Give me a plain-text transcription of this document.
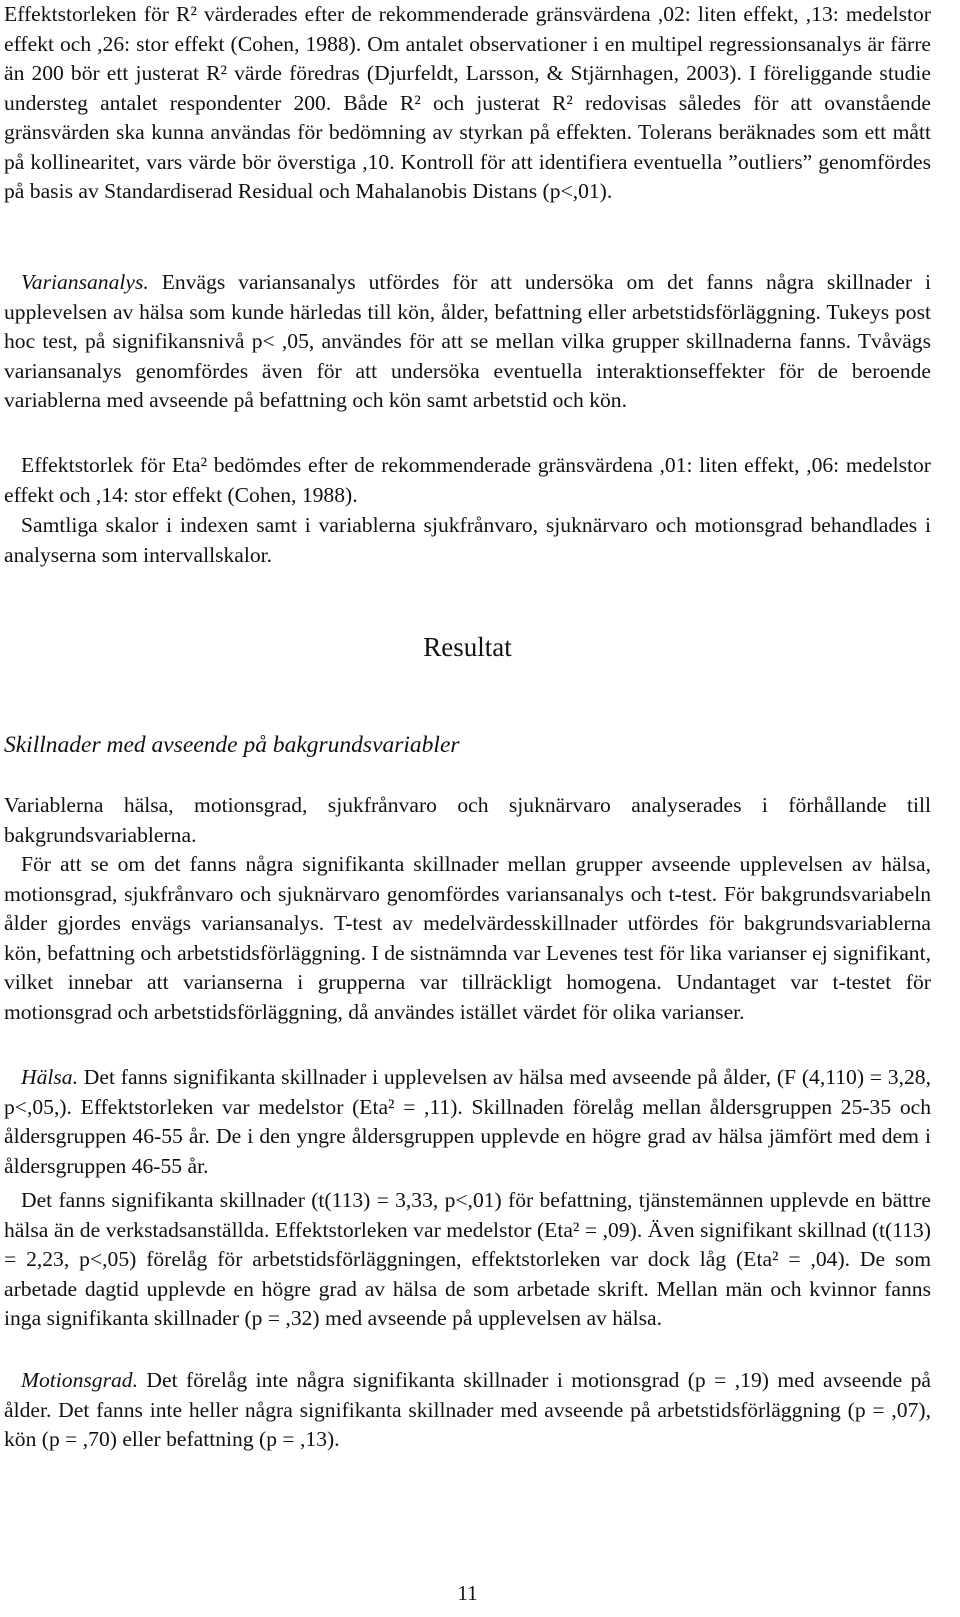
Effektstorleken för R² värderades efter de rekommenderade gränsvärdena ,02: liten effekt, ,13: medelstor effekt och ,26: stor effekt (Cohen, 1988). Om antalet observationer i en multipel regressionsanalys är färre än 200 bör ett justerat R² värde föredras (Djurfeldt, Larsson, & Stjärnhagen, 2003). I föreliggande studie understeg antalet respondenter 200. Både R² och justerat R² redovisas således för att ovanstående gränsvärden ska kunna användas för bedömning av styrkan på effekten. Tolerans beräknades som ett mått på kollinearitet, vars värde bör överstiga ,10. Kontroll för att identifiera eventuella ”outliers” genomfördes på basis av Standardiserad Residual och Mahalanobis Distans (p<,01).

Variansanalys. Envägs variansanalys utfördes för att undersöka om det fanns några skillnader i upplevelsen av hälsa som kunde härledas till kön, ålder, befattning eller arbetstidsförläggning. Tukeys post hoc test, på signifikansnivå p< ,05, användes för att se mellan vilka grupper skillnaderna fanns. Tvåvägs variansanalys genomfördes även för att undersöka eventuella interaktionseffekter för de beroende variablerna med avseende på befattning och kön samt arbetstid och kön.

Effektstorlek för Eta² bedömdes efter de rekommenderade gränsvärdena ,01: liten effekt, ,06: medelstor effekt och ,14: stor effekt (Cohen, 1988).

Samtliga skalor i indexen samt i variablerna sjukfrånvaro, sjuknärvaro och motionsgrad behandlades i analyserna som intervallskalor.

Resultat
Skillnader med avseende på bakgrundsvariabler

Variablerna hälsa, motionsgrad, sjukfrånvaro och sjuknärvaro analyserades i förhållande till bakgrundsvariablerna.

För att se om det fanns några signifikanta skillnader mellan grupper avseende upplevelsen av hälsa, motionsgrad, sjukfrånvaro och sjuknärvaro genomfördes variansanalys och t-test. För bakgrundsvariabeln ålder gjordes envägs variansanalys. T-test av medelvärdesskillnader utfördes för bakgrundsvariablerna kön, befattning och arbetstidsförläggning. I de sistnämnda var Levenes test för lika varianser ej signifikant, vilket innebar att varianserna i grupperna var tillräckligt homogena. Undantaget var t-testet för motionsgrad och arbetstidsförläggning, då användes istället värdet för olika varianser.

Hälsa. Det fanns signifikanta skillnader i upplevelsen av hälsa med avseende på ålder, (F (4,110) = 3,28, p<,05,). Effektstorleken var medelstor (Eta² = ,11). Skillnaden förelåg mellan åldersgruppen 25-35 och åldersgruppen 46-55 år. De i den yngre åldersgruppen upplevde en högre grad av hälsa jämfört med dem i åldersgruppen 46-55 år.

Det fanns signifikanta skillnader (t(113) = 3,33, p<,01) för befattning, tjänstemännen upplevde en bättre hälsa än de verkstadsanställda. Effektstorleken var medelstor (Eta² = ,09). Även signifikant skillnad (t(113) = 2,23, p<,05) förelåg för arbetstidsförläggningen, effektstorleken var dock låg (Eta² = ,04). De som arbetade dagtid upplevde en högre grad av hälsa de som arbetade skrift. Mellan män och kvinnor fanns inga signifikanta skillnader (p = ,32) med avseende på upplevelsen av hälsa.

Motionsgrad. Det förelåg inte några signifikanta skillnader i motionsgrad (p = ,19) med avseende på ålder. Det fanns inte heller några signifikanta skillnader med avseende på arbetstidsförläggning (p = ,07), kön (p = ,70) eller befattning (p = ,13).

11
